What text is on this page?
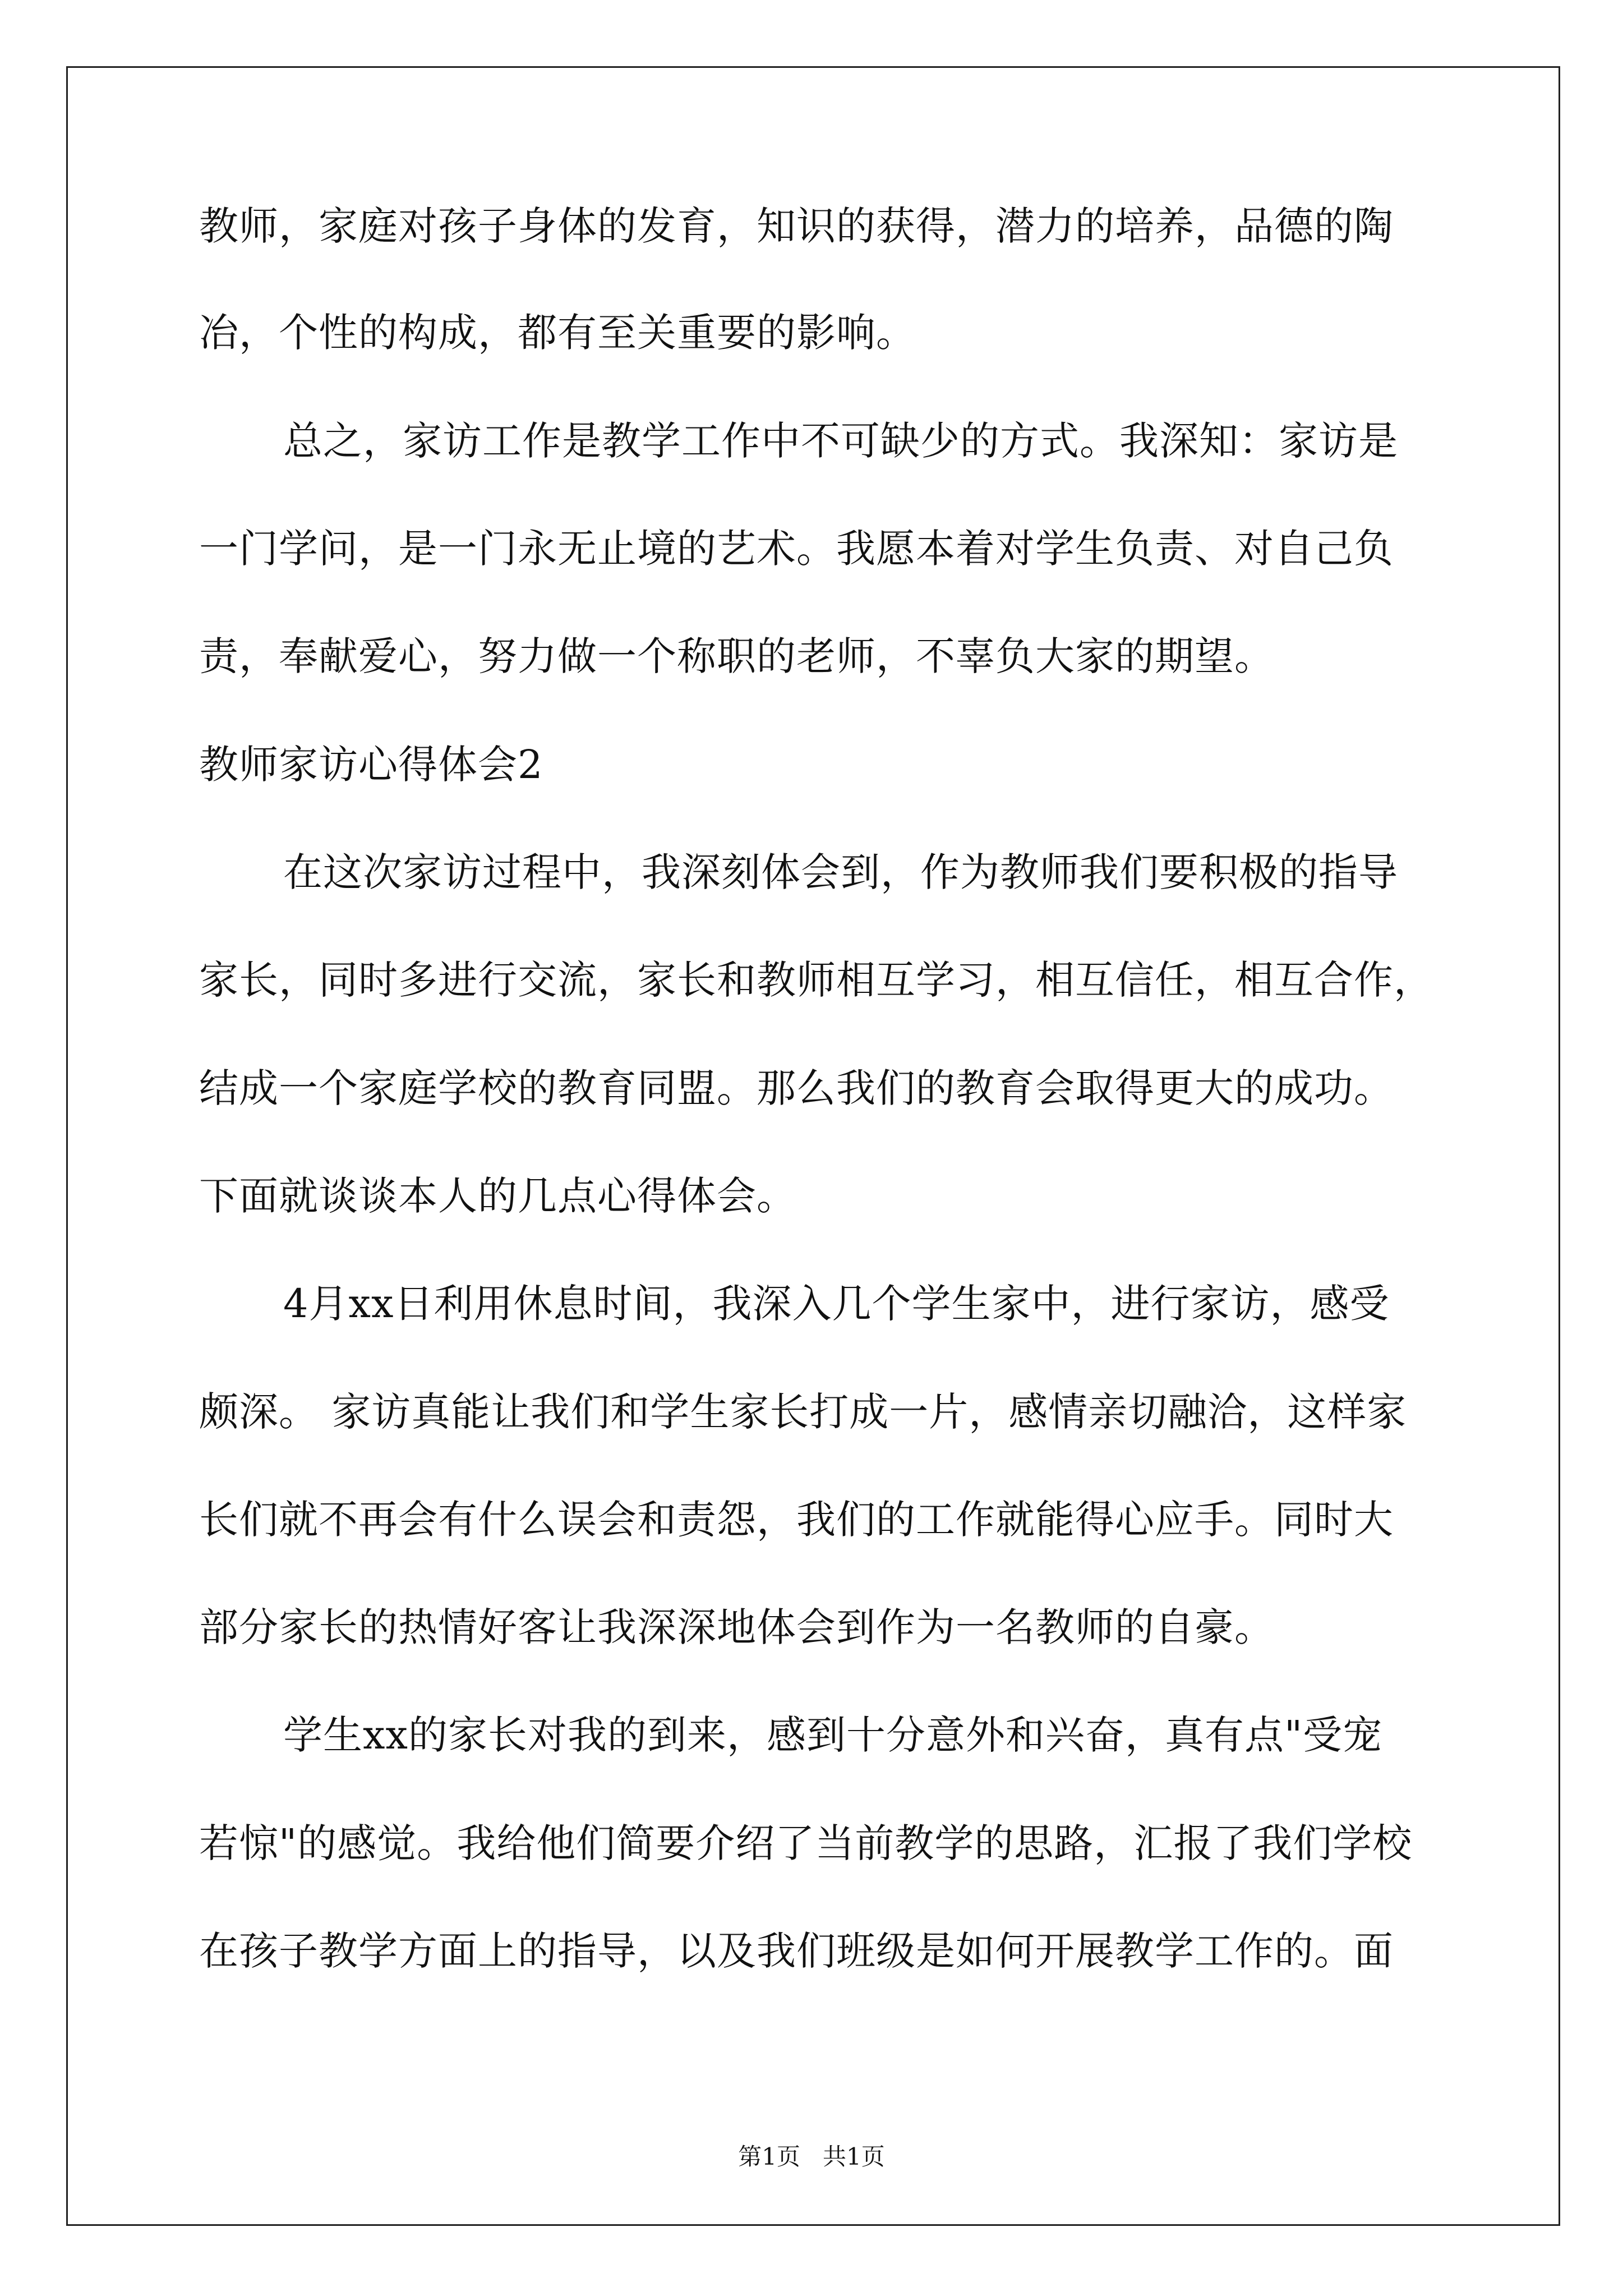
教师，家庭对孩子身体的发育，知识的获得，潜力的培养，品德的陶
冶，个性的构成，都有至关重要的影响。
总之，家访工作是教学工作中不可缺少的方式。我深知：家访是
一门学问，是一门永无止境的艺术。我愿本着对学生负责、对自己负
责，奉献爱心，努力做一个称职的老师，不辜负大家的期望。
教师家访心得体会2
在这次家访过程中，我深刻体会到，作为教师我们要积极的指导
家长，同时多进行交流，家长和教师相互学习，相互信任，相互合作，
结成一个家庭学校的教育同盟。那么我们的教育会取得更大的成功。
下面就谈谈本人的几点心得体会。
4月xx日利用休息时间，我深入几个学生家中，进行家访，感受
颇深。 家访真能让我们和学生家长打成一片，感情亲切融洽，这样家
长们就不再会有什么误会和责怨，我们的工作就能得心应手。同时大
部分家长的热情好客让我深深地体会到作为一名教师的自豪。
学生xx的家长对我的到来，感到十分意外和兴奋，真有点"受宠
若惊"的感觉。我给他们简要介绍了当前教学的思路，汇报了我们学校
在孩子教学方面上的指导，以及我们班级是如何开展教学工作的。面
第1页   共1页
